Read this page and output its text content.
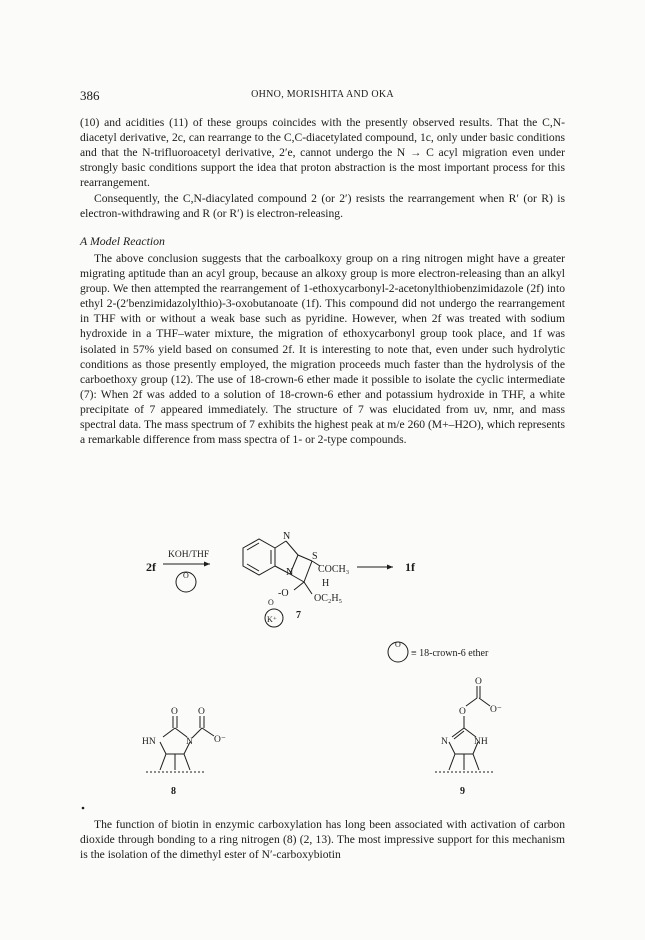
386	OHNO, MORISHITA AND OKA

(10) and acidities (11) of these groups coincides with the presently observed results. That the C,N-diacetyl derivative, 2c, can rearrange to the C,C-diacetylated compound, 1c, only under basic conditions and that the N-trifluoroacetyl derivative, 2′e, cannot undergo the N → C acyl migration even under strongly basic conditions support the idea that proton abstraction is the most important process for this rearrangement.

Consequently, the C,N-diacylated compound 2 (or 2′) resists the rearrangement when R′ (or R) is electron-withdrawing and R (or R′) is electron-releasing.

A Model Reaction

The above conclusion suggests that the carboalkoxy group on a ring nitrogen might have a greater migrating aptitude than an acyl group, because an alkoxy group is more electron-releasing than an alkyl group. We then attempted the rearrangement of 1-ethoxycarbonyl-2-acetonylthiobenzimidazole (2f) into ethyl 2-(2′benzimidazolylthio)-3-oxobutanoate (1f). This compound did not undergo the rearrangement in THF with or without a weak base such as pyridine. However, when 2f was treated with sodium hydroxide in a THF–water mixture, the migration of ethoxycarbonyl group took place, and 1f was isolated in 57% yield based on consumed 2f. It is interesting to note that, even under such hydrolytic conditions as those presently employed, the migration proceeds much faster than the hydrolysis of the carboethoxy group (12). The use of 18-crown-6 ether made it possible to isolate the cyclic intermediate (7): When 2f was added to a solution of 18-crown-6 ether and potassium hydroxide in THF, a white precipitate of 7 appeared immediately. The structure of 7 was elucidated from uv, nmr, and mass spectral data. The mass spectrum of 7 exhibits the highest peak at m/e 260 (M+–H2O), which represents a remarkable difference from mass spectra of 1- or 2-type compounds.

2f
KOH/THF
O
N
N
S
COCH₃
H
-O	OC₂H₅
O
K⁺ 7
1f
O
≡ 18-crown-6 ether
HN	N
O O
O⁻
8
O
O
O⁻
N	NH
9

The function of biotin in enzymic carboxylation has long been associated with activation of carbon dioxide through bonding to a ring nitrogen (8) (2, 13). The most impressive support for this mechanism is the isolation of the dimethyl ester of N′-carboxybiotin
